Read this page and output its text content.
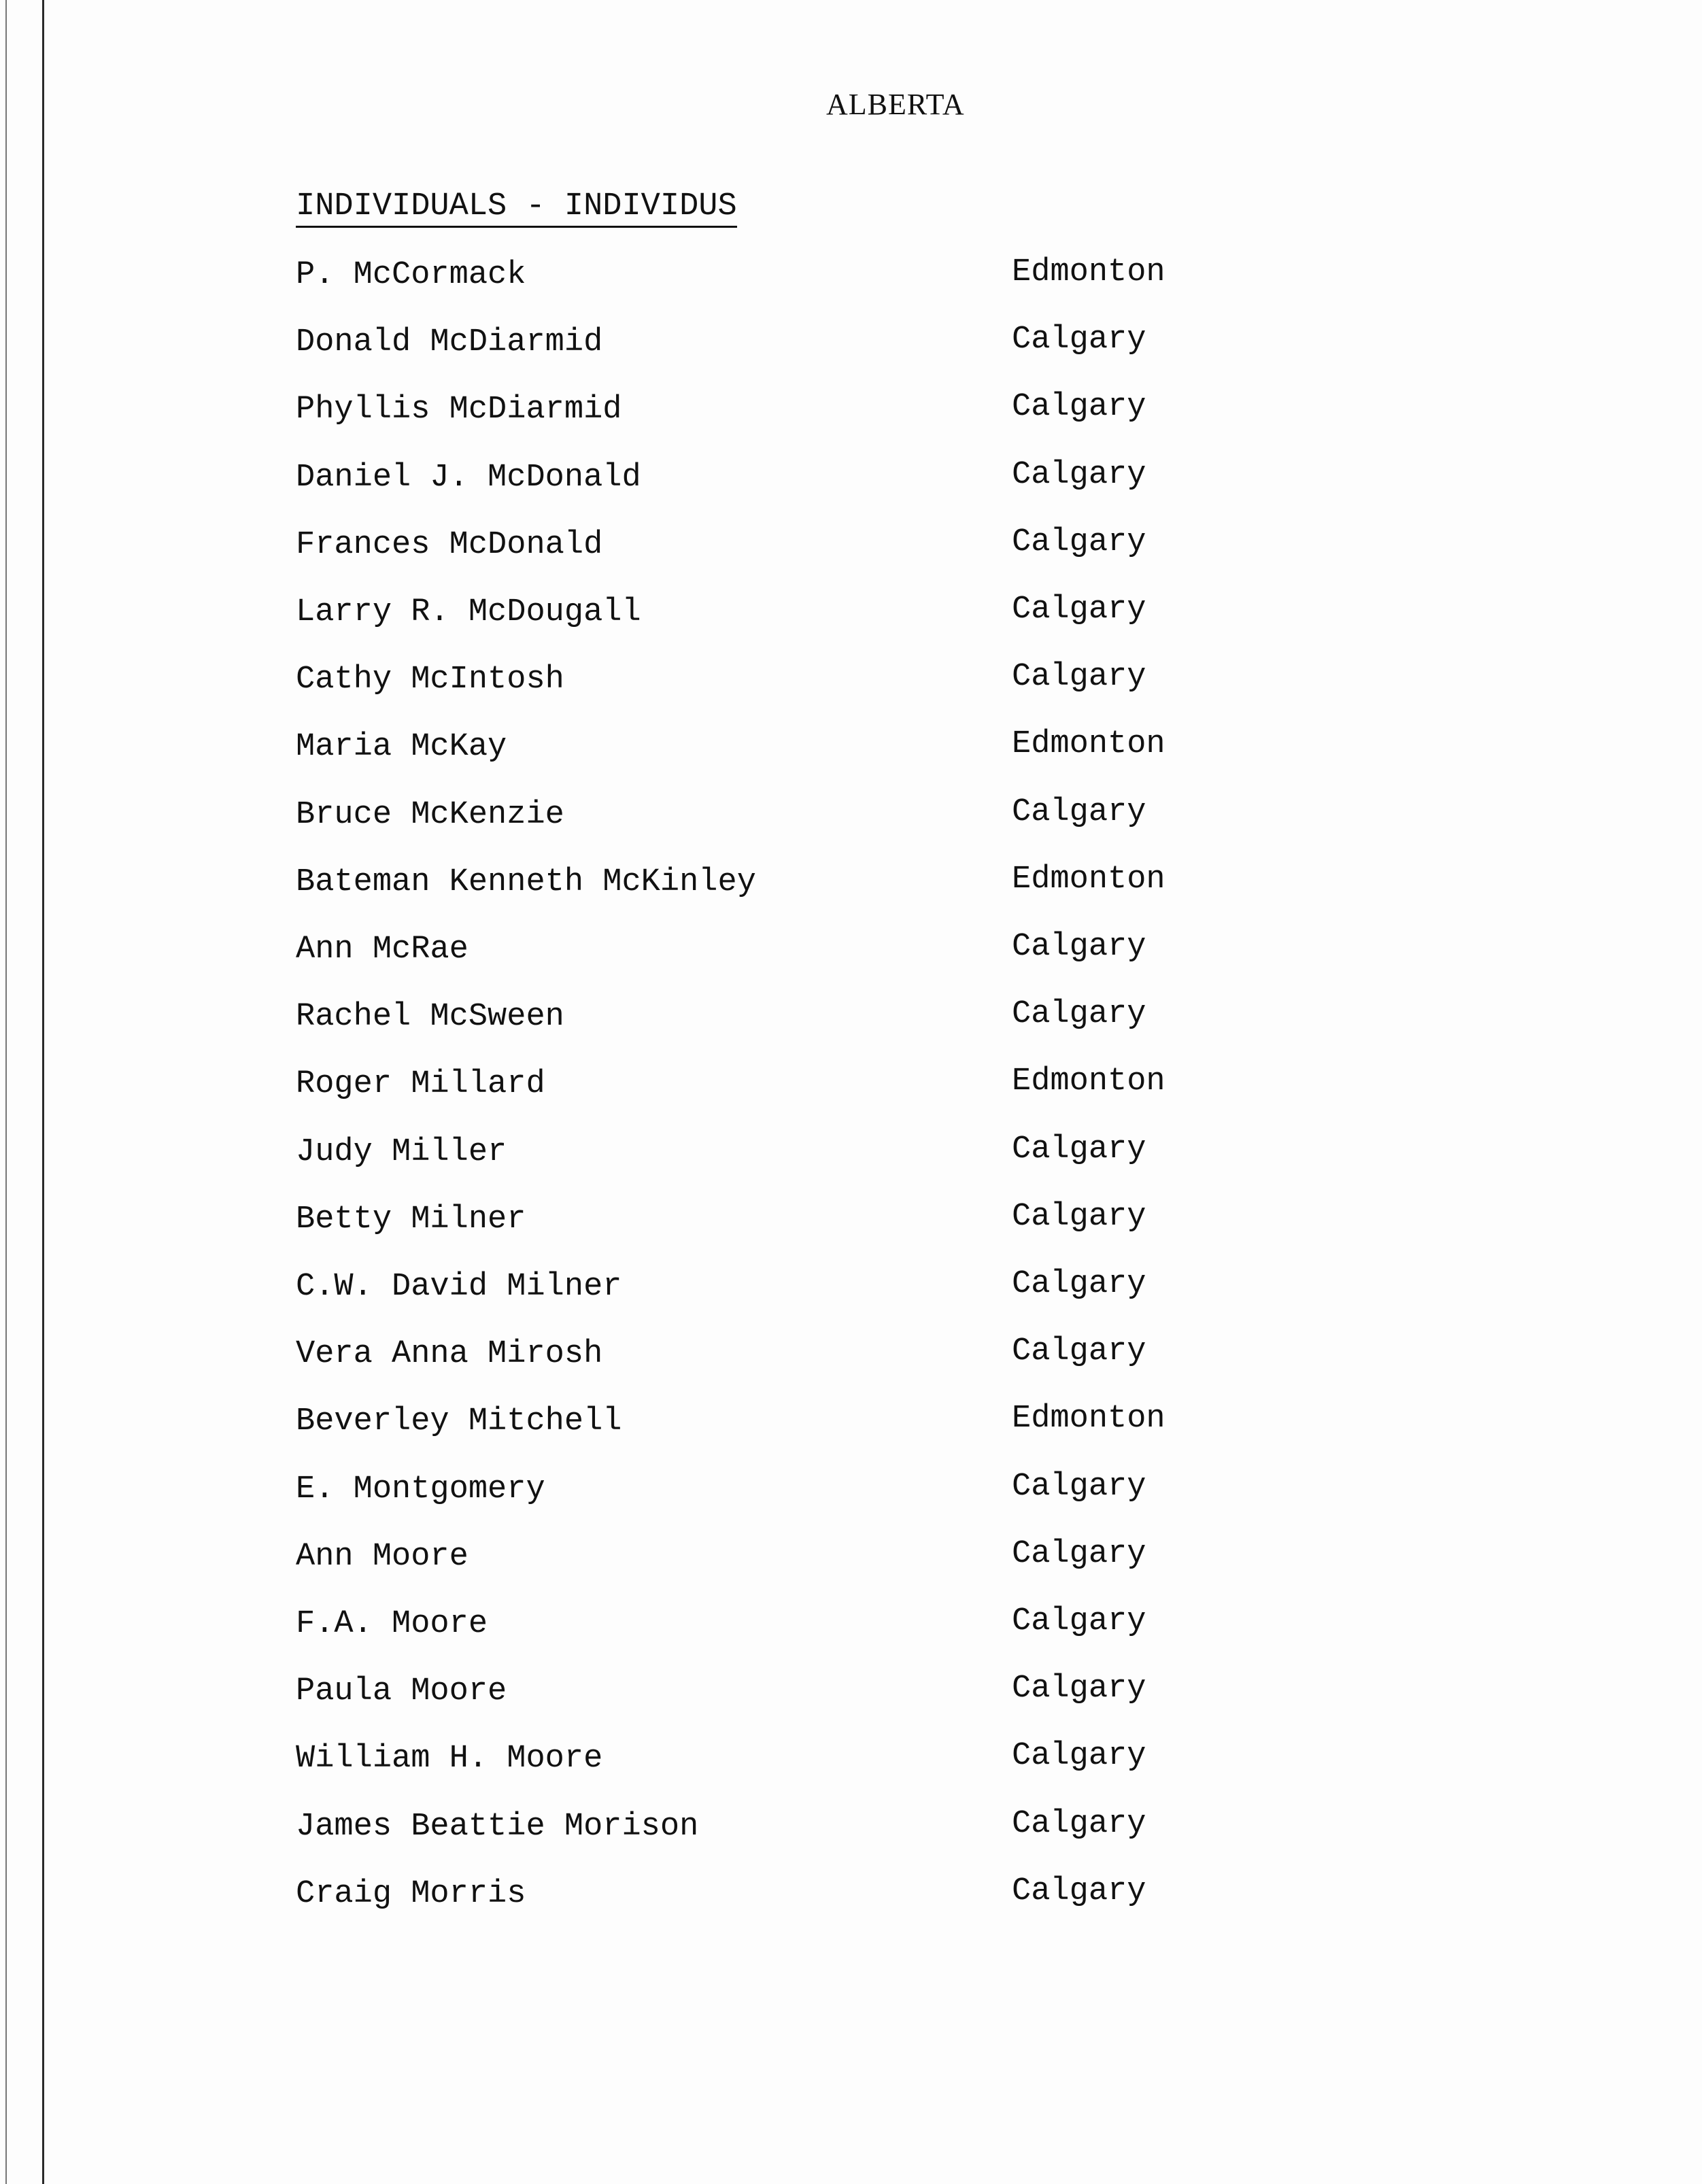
ALBERTA
INDIVIDUALS - INDIVIDUS
P. McCormack	Edmonton
Donald McDiarmid	Calgary
Phyllis McDiarmid	Calgary
Daniel J. McDonald	Calgary
Frances McDonald	Calgary
Larry R. McDougall	Calgary
Cathy McIntosh	Calgary
Maria McKay	Edmonton
Bruce McKenzie	Calgary
Bateman Kenneth McKinley	Edmonton
Ann McRae	Calgary
Rachel McSween	Calgary
Roger Millard	Edmonton
Judy Miller	Calgary
Betty Milner	Calgary
C.W. David Milner	Calgary
Vera Anna Mirosh	Calgary
Beverley Mitchell	Edmonton
E. Montgomery	Calgary
Ann Moore	Calgary
F.A. Moore	Calgary
Paula Moore	Calgary
William H. Moore	Calgary
James Beattie Morison	Calgary
Craig Morris	Calgary
